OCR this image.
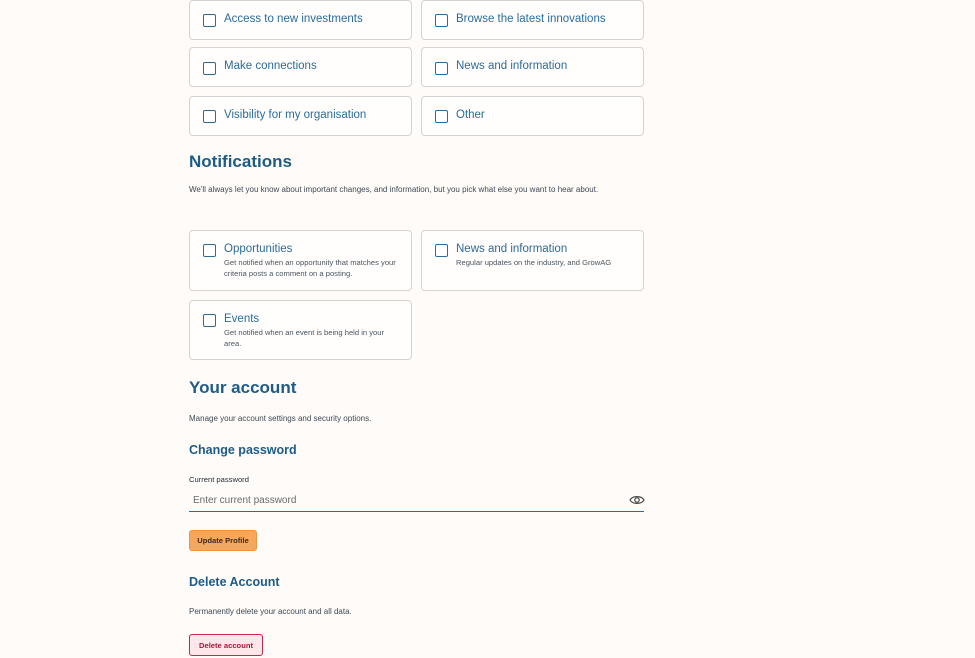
Access to new investments	Browse the latest innovations
Make connections	News and information
Visibility for my organisation	Other
Notifications
We'll always let you know about important changes, and information, but you pick what else you want to hear about.
Opportunities
Get notified when an opportunity that matches your criteria posts a comment on a posting.
News and information
Regular updates on the industry, and GrowAG
Events
Get notified when an event is being held in your area.
Your account
Manage your account settings and security options.
Change password
Current password
Update Profile
Delete Account
Permanently delete your account and all data.
Delete account
